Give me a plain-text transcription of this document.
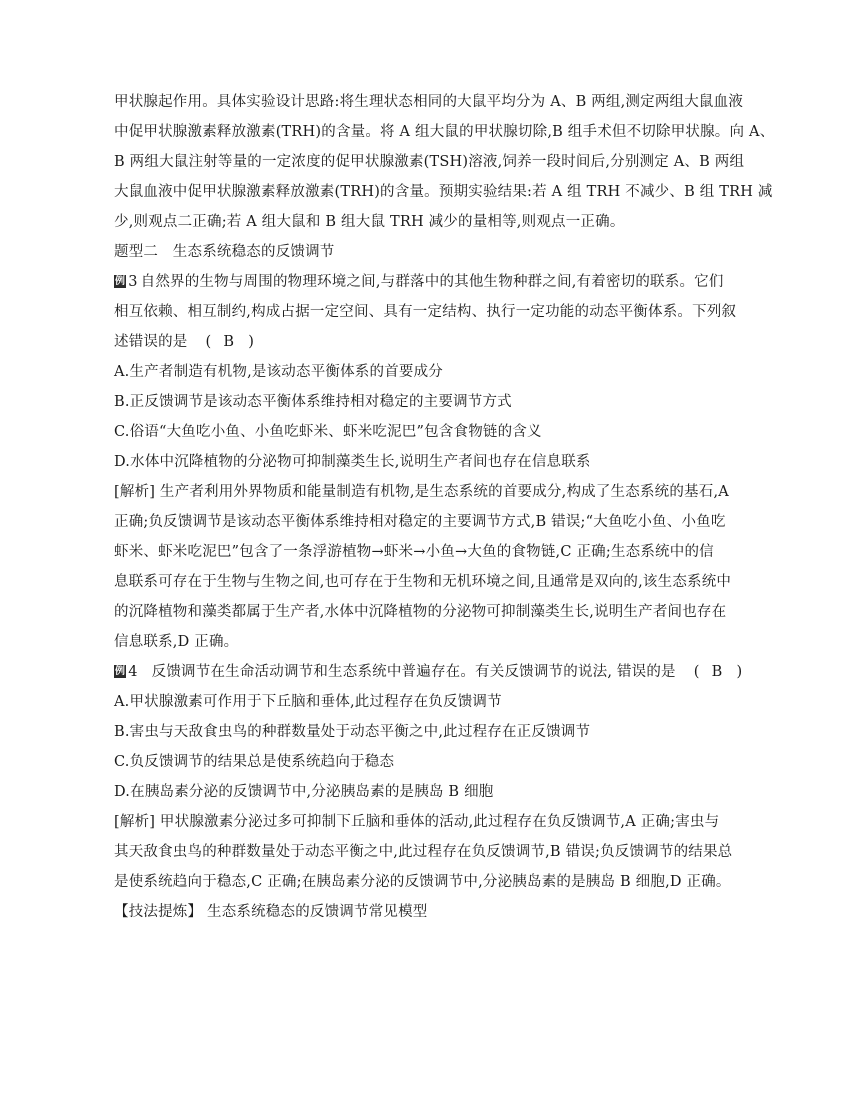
甲状腺起作用。具体实验设计思路:将生理状态相同的大鼠平均分为 A、B 两组,测定两组大鼠血液
中促甲状腺激素释放激素(TRH)的含量。将 A 组大鼠的甲状腺切除,B 组手术但不切除甲状腺。向 A、
B 两组大鼠注射等量的一定浓度的促甲状腺激素(TSH)溶液,饲养一段时间后,分别测定 A、B 两组
大鼠血液中促甲状腺激素释放激素(TRH)的含量。预期实验结果:若 A 组 TRH 不减少、B 组 TRH 减
少,则观点二正确;若 A 组大鼠和 B 组大鼠 TRH 减少的量相等,则观点一正确。
题型二　生态系统稳态的反馈调节
例 3 自然界的生物与周围的物理环境之间,与群落中的其他生物种群之间,有着密切的联系。它们
相互依赖、相互制约,构成占据一定空间、具有一定结构、执行一定功能的动态平衡体系。下列叙
述错误的是 ( B )
A.生产者制造有机物,是该动态平衡体系的首要成分
B.正反馈调节是该动态平衡体系维持相对稳定的主要调节方式
C.俗语“大鱼吃小鱼、小鱼吃虾米、虾米吃泥巴”包含食物链的含义
D.水体中沉降植物的分泌物可抑制藻类生长,说明生产者间也存在信息联系
[解析] 生产者利用外界物质和能量制造有机物,是生态系统的首要成分,构成了生态系统的基石,A
正确;负反馈调节是该动态平衡体系维持相对稳定的主要调节方式,B 错误;“大鱼吃小鱼、小鱼吃
虾米、虾米吃泥巴”包含了一条浮游植物→虾米→小鱼→大鱼的食物链,C 正确;生态系统中的信
息联系可存在于生物与生物之间,也可存在于生物和无机环境之间,且通常是双向的,该生态系统中
的沉降植物和藻类都属于生产者,水体中沉降植物的分泌物可抑制藻类生长,说明生产者间也存在
信息联系,D 正确。
例 4 反馈调节在生命活动调节和生态系统中普遍存在。有关反馈调节的说法, 错误的是 ( B )
A.甲状腺激素可作用于下丘脑和垂体,此过程存在负反馈调节
B.害虫与天敌食虫鸟的种群数量处于动态平衡之中,此过程存在正反馈调节
C.负反馈调节的结果总是使系统趋向于稳态
D.在胰岛素分泌的反馈调节中,分泌胰岛素的是胰岛 B 细胞
[解析] 甲状腺激素分泌过多可抑制下丘脑和垂体的活动,此过程存在负反馈调节,A 正确;害虫与
其天敌食虫鸟的种群数量处于动态平衡之中,此过程存在负反馈调节,B 错误;负反馈调节的结果总
是使系统趋向于稳态,C 正确;在胰岛素分泌的反馈调节中,分泌胰岛素的是胰岛 B 细胞,D 正确。
【技法提炼】 生态系统稳态的反馈调节常见模型
